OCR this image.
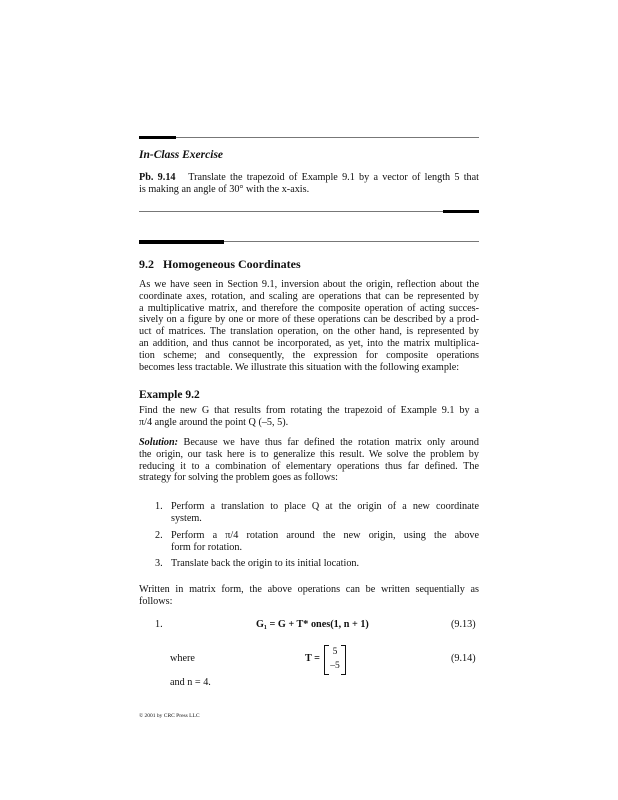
In-Class Exercise
Pb. 9.14 Translate the trapezoid of Example 9.1 by a vector of length 5 that
is making an angle of 30° with the x-axis.
9.2   Homogeneous Coordinates
As we have seen in Section 9.1, inversion about the origin, reflection about the
coordinate axes, rotation, and scaling are operations that can be represented by
a multiplicative matrix, and therefore the composite operation of acting succes-
sively on a figure by one or more of these operations can be described by a prod-
uct of matrices. The translation operation, on the other hand, is represented by
an addition, and thus cannot be incorporated, as yet, into the matrix multiplica-
tion scheme; and consequently, the expression for composite operations
becomes less tractable. We illustrate this situation with the following example:
Example 9.2
Find the new G that results from rotating the trapezoid of Example 9.1 by a
π/4 angle around the point Q (–5, 5).
Solution: Because we have thus far defined the rotation matrix only around
the origin, our task here is to generalize this result. We solve the problem by
reducing it to a combination of elementary operations thus far defined. The
strategy for solving the problem goes as follows:
1. Perform a translation to place Q at the origin of a new coordinate
system.
2. Perform a π/4 rotation around the new origin, using the above
form for rotation.
3. Translate back the origin to its initial location.
Written in matrix form, the above operations can be written sequentially as
follows:
1.	G₁ = G + T* ones(1, n + 1)	(9.13)
where	T =
5
–5
(9.14)
and n = 4.
© 2001 by CRC Press LLC
